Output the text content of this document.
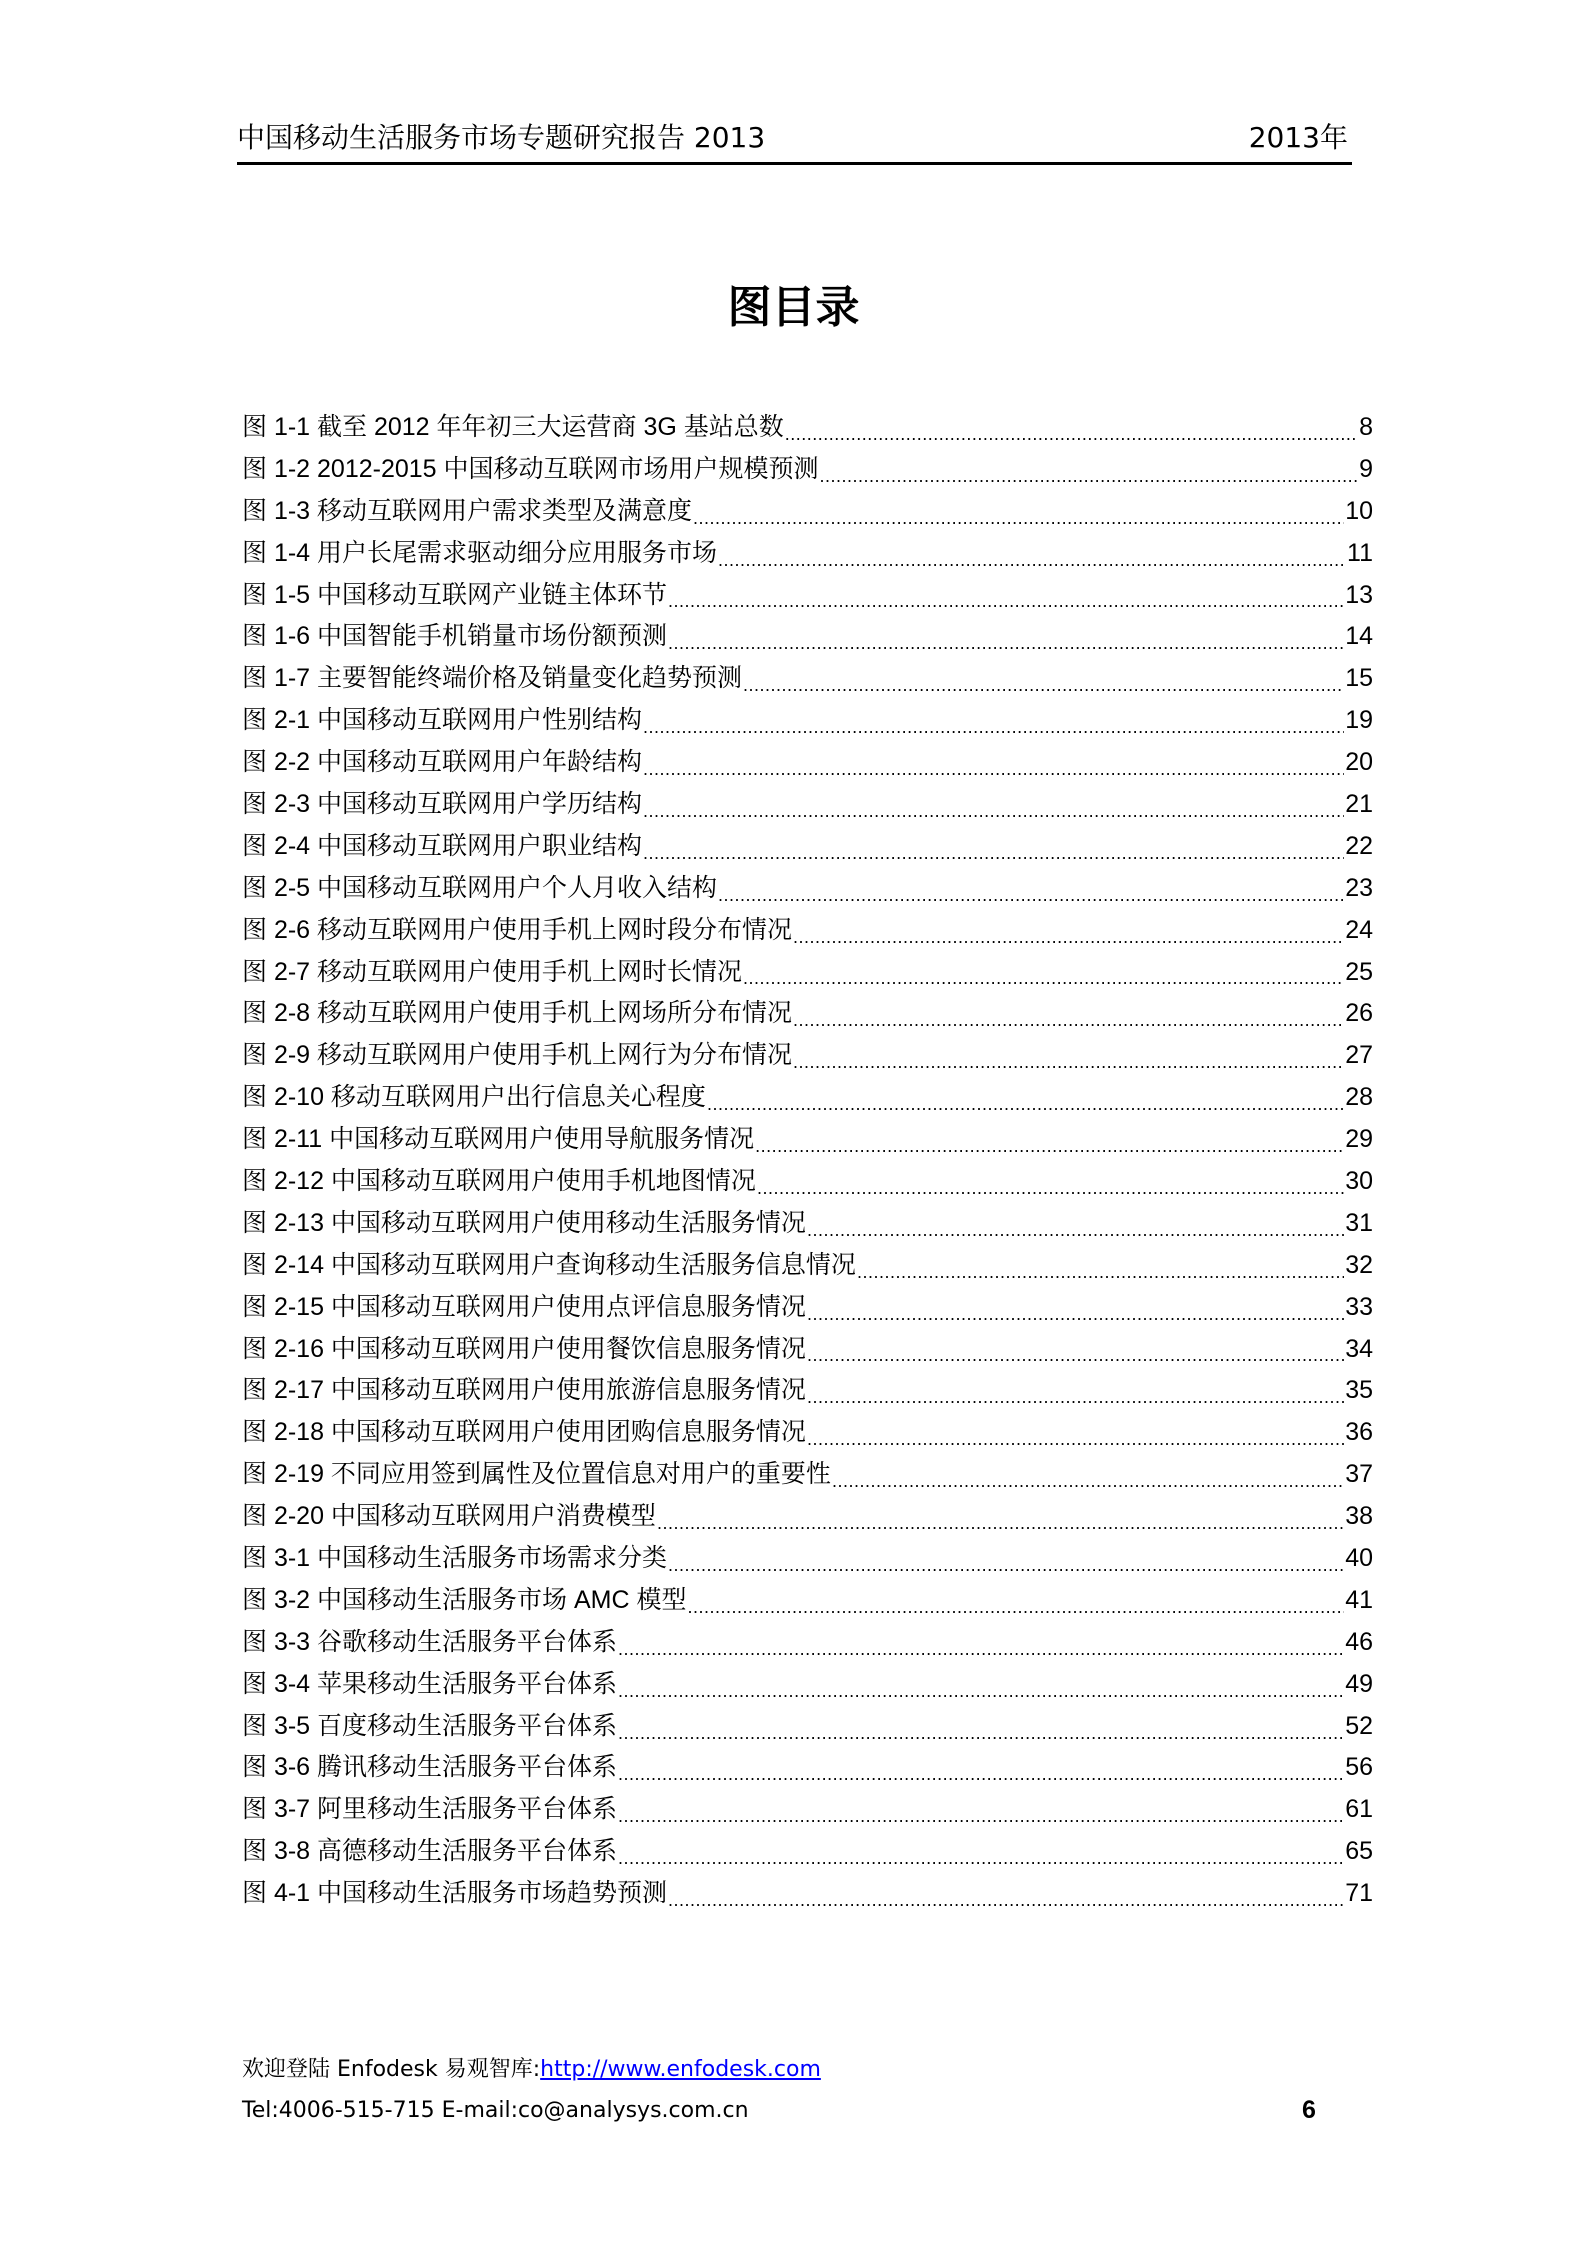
中国移动生活服务市场专题研究报告 2013	2013年
图目录
图 1-1 截至 2012 年年初三大运营商 3G 基站总数 .....	8
图 1-2 2012-2015 中国移动互联网市场用户规模预测 .....	9
图 1-3 移动互联网用户需求类型及满意度 .....	10
图 1-4 用户长尾需求驱动细分应用服务市场 .....	11
图 1-5 中国移动互联网产业链主体环节 .....	13
图 1-6 中国智能手机销量市场份额预测 .....	14
图 1-7 主要智能终端价格及销量变化趋势预测 .....	15
图 2-1 中国移动互联网用户性别结构 .....	19
图 2-2 中国移动互联网用户年龄结构 .....	20
图 2-3 中国移动互联网用户学历结构 .....	21
图 2-4 中国移动互联网用户职业结构 .....	22
图 2-5 中国移动互联网用户个人月收入结构 .....	23
图 2-6 移动互联网用户使用手机上网时段分布情况 .....	24
图 2-7 移动互联网用户使用手机上网时长情况 .....	25
图 2-8 移动互联网用户使用手机上网场所分布情况 .....	26
图 2-9 移动互联网用户使用手机上网行为分布情况 .....	27
图 2-10 移动互联网用户出行信息关心程度 .....	28
图 2-11 中国移动互联网用户使用导航服务情况 .....	29
图 2-12 中国移动互联网用户使用手机地图情况 .....	30
图 2-13 中国移动互联网用户使用移动生活服务情况 .....	31
图 2-14 中国移动互联网用户查询移动生活服务信息情况 .....	32
图 2-15 中国移动互联网用户使用点评信息服务情况 .....	33
图 2-16 中国移动互联网用户使用餐饮信息服务情况 .....	34
图 2-17 中国移动互联网用户使用旅游信息服务情况 .....	35
图 2-18 中国移动互联网用户使用团购信息服务情况 .....	36
图 2-19 不同应用签到属性及位置信息对用户的重要性 .....	37
图 2-20 中国移动互联网用户消费模型 .....	38
图 3-1 中国移动生活服务市场需求分类 .....	40
图 3-2 中国移动生活服务市场 AMC 模型 .....	41
图 3-3 谷歌移动生活服务平台体系 .....	46
图 3-4 苹果移动生活服务平台体系 .....	49
图 3-5 百度移动生活服务平台体系 .....	52
图 3-6 腾讯移动生活服务平台体系 .....	56
图 3-7 阿里移动生活服务平台体系 .....	61
图 3-8 高德移动生活服务平台体系 .....	65
图 4-1 中国移动生活服务市场趋势预测 .....	71
欢迎登陆 Enfodesk 易观智库:http://www.enfodesk.com
Tel:4006-515-715 E-mail:co@analysys.com.cn	6
